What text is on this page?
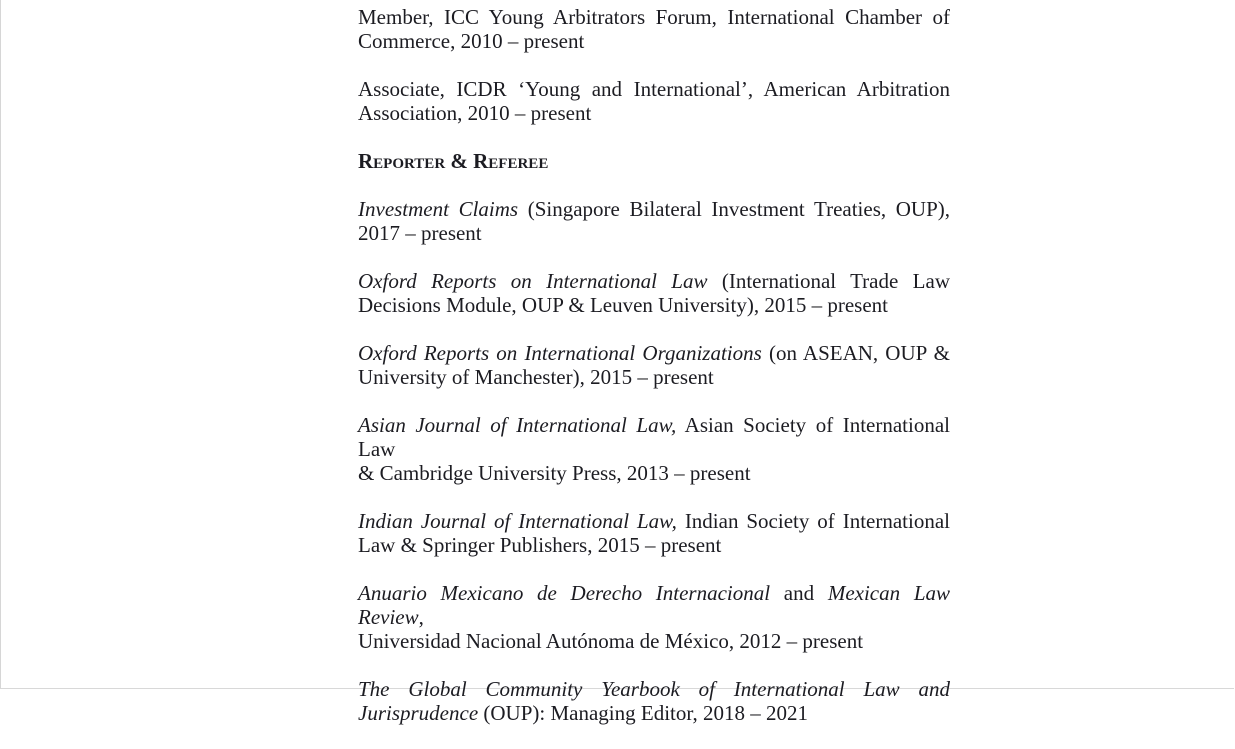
Member, ICC Young Arbitrators Forum, International Chamber of
Commerce, 2010 – present
Associate, ICDR ‘Young and International’, American Arbitration
Association, 2010 – present
Reporter & Referee
Investment Claims (Singapore Bilateral Investment Treaties, OUP),
2017 – present
Oxford Reports on International Law (International Trade Law
Decisions Module, OUP & Leuven University), 2015 – present
Oxford Reports on International Organizations (on ASEAN, OUP &
University of Manchester), 2015 – present
Asian Journal of International Law, Asian Society of International Law
& Cambridge University Press, 2013 – present
Indian Journal of International Law, Indian Society of International
Law & Springer Publishers, 2015 – present
Anuario Mexicano de Derecho Internacional and Mexican Law Review,
Universidad Nacional Autónoma de México, 2012 – present
The Global Community Yearbook of International Law and
Jurisprudence (OUP): Managing Editor, 2018 – 2021
